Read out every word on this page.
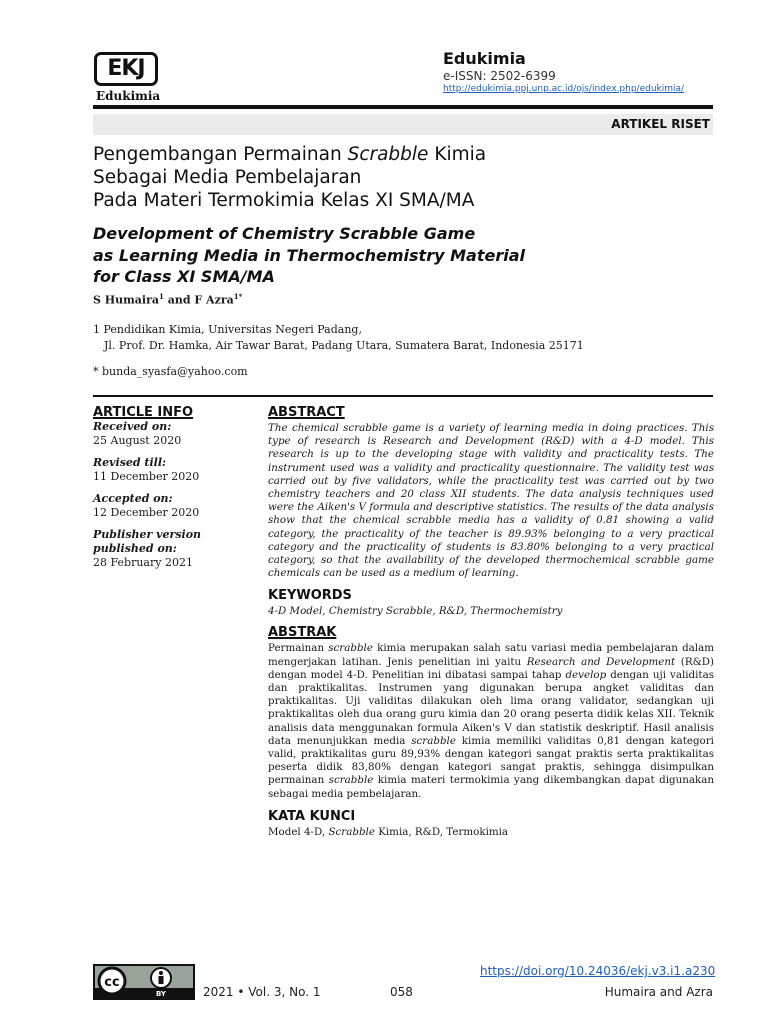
EKJ
Edukimia
Edukimia
e-ISSN: 2502-6399
http://edukimia.ppj.unp.ac.id/ojs/index.php/edukimia/
ARTIKEL RISET
Pengembangan Permainan Scrabble Kimia
Sebagai Media Pembelajaran
Pada Materi Termokimia Kelas XI SMA/MA
Development of Chemistry Scrabble Game
as Learning Media in Thermochemistry Material
for Class XI SMA/MA
S Humaira$^1$ and F Azra$^{1*}$
1 Pendidikan Kimia, Universitas Negeri Padang,
Jl. Prof. Dr. Hamka, Air Tawar Barat, Padang Utara, Sumatera Barat, Indonesia 25171
* bunda_syasfa@yahoo.com
ARTICLE INFO
Received on:
25 August 2020
Revised till:
11 December 2020
Accepted on:
12 December 2020
Publisher version
published on:
28 February 2021
ABSTRACT
The chemical scrabble game is a variety of learning media in doing practices. This type of research is Research and Development (R&D) with a 4-D model. This research is up to the developing stage with validity and practicality tests. The instrument used was a validity and practicality questionnaire. The validity test was carried out by five validators, while the practicality test was carried out by two chemistry teachers and 20 class XII students. The data analysis techniques used were the Aiken's V formula and descriptive statistics. The results of the data analysis show that the chemical scrabble media has a validity of 0.81 showing a valid category, the practicality of the teacher is 89.93% belonging to a very practical category and the practicality of students is 83.80% belonging to a very practical category, so that the availability of the developed thermochemical scrabble game chemicals can be used as a medium of learning.
KEYWORDS
4-D Model, Chemistry Scrabble, R&D, Thermochemistry
ABSTRAK
Permainan scrabble kimia merupakan salah satu variasi media pembelajaran dalam mengerjakan latihan. Jenis penelitian ini yaitu Research and Development (R&D) dengan model 4-D. Penelitian ini dibatasi sampai tahap develop dengan uji validitas dan praktikalitas. Instrumen yang digunakan berupa angket validitas dan praktikalitas. Uji validitas dilakukan oleh lima orang validator, sedangkan uji praktikalitas oleh dua orang guru kimia dan 20 orang peserta didik kelas XII. Teknik analisis data menggunakan formula Aiken's V dan statistik deskriptif. Hasil analisis data menunjukkan media scrabble kimia memiliki validitas 0,81 dengan kategori valid, praktikalitas guru 89,93% dengan kategori sangat praktis serta praktikalitas peserta didik 83,80% dengan kategori sangat praktis, sehingga disimpulkan permainan scrabble kimia materi termokimia yang dikembangkan dapat digunakan sebagai media pembelajaran.
KATA KUNCI
Model 4-D, Scrabble Kimia, R&D, Termokimia
cc
BY
https://doi.org/10.24036/ekj.v3.i1.a230
2021 • Vol. 3, No. 1	058	Humaira and Azra
